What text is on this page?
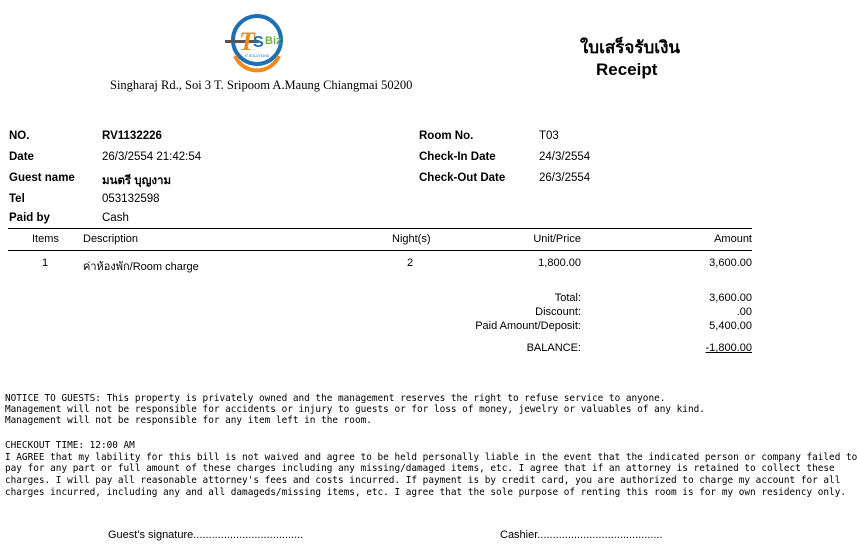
T
S Biz
IT SOLUTIONS
Singharaj Rd., Soi 3 T. Sripoom A.Maung Chiangmai 50200
ใบเสร็จรับเงิน
Receipt
NO.	RV1132226
Date	26/3/2554 21:42:54
Guest name มนตรี บุญงาม
Tel	053132598
Paid by	Cash
Room No.	T03
Check-In Date	24/3/2554
Check-Out Date	26/3/2554
Items Description	Night(s)	Unit/Price	Amount
1	ค่าห้องพัก/Room charge	2	1,800.00	3,600.00
Total:	3,600.00
Discount:	.00
Paid Amount/Deposit:	5,400.00
BALANCE:	-1,800.00
NOTICE TO GUESTS: This property is privately owned and the management reserves the right to refuse service to anyone.
Management will not be responsible for accidents or injury to guests or for loss of money, jewelry or valuables of any kind.
Management will not be responsible for any item left in the room.
CHECKOUT TIME: 12:00 AM
I AGREE that my lability for this bill is not waived and agree to be held personally liable in the event that the indicated person or company failed to
pay for any part or full amount of these charges including any missing/damaged items, etc. I agree that if an attorney is retained to collect these
charges. I will pay all reasonable attorney's fees and costs incurred. If payment is by credit card, you are authorized to charge my account for all
charges incurred, including any and all damageds/missing items, etc. I agree that the sole purpose of renting this room is for my own residency only.
Guest's signature....................................	Cashier.........................................
